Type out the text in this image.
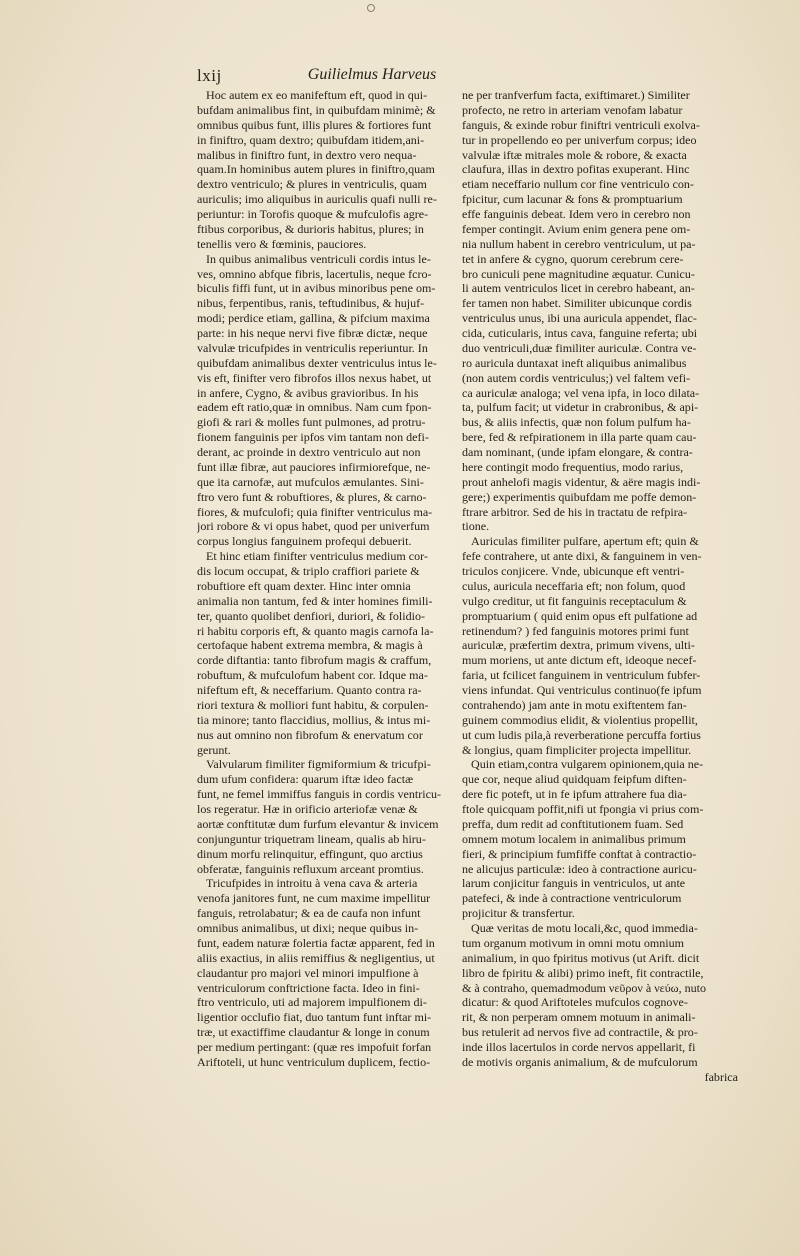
lxij	Guilielmus Harveus
Hoc autem ex eo manifeftum eft, quod in qui-
bufdam animalibus fint, in quibufdam minimè; &
omnibus quibus funt, illis plures & fortiores funt
in finiftro, quam dextro; quibufdam itidem,ani-
malibus in finiftro funt, in dextro vero nequa-
quam.In hominibus autem plures in finiftro,quam
dextro ventriculo; & plures in ventriculis, quam
auriculis; imo aliquibus in auriculis quafi nulli re-
periuntur: in Torofis quoque & mufculofis agre-
ftibus corporibus, & durioris habitus, plures; in
tenellis vero & fœminis, pauciores.
In quibus animalibus ventriculi cordis intus le-
ves, omnino abfque fibris, lacertulis, neque fcro-
biculis fiffi funt, ut in avibus minoribus pene om-
nibus, ferpentibus, ranis, teftudinibus, & hujuf-
modi; perdice etiam, gallina, & pifcium maxima
parte: in his neque nervi five fibræ dictæ, neque
valvulæ tricufpides in ventriculis reperiuntur. In
quibufdam animalibus dexter ventriculus intus le-
vis eft, finifter vero fibrofos illos nexus habet, ut
in anfere, Cygno, & avibus gravioribus. In his
eadem eft ratio,quæ in omnibus. Nam cum fpon-
giofi & rari & molles funt pulmones, ad protru-
fionem fanguinis per ipfos vim tantam non defi-
derant, ac proinde in dextro ventriculo aut non
funt illæ fibræ, aut pauciores infirmiorefque, ne-
que ita carnofæ, aut mufculos æmulantes. Sini-
ftro vero funt & robuftiores, & plures, & carno-
fiores, & mufculofi; quia finifter ventriculus ma-
jori robore & vi opus habet, quod per univerfum
corpus longius fanguinem profequi debuerit.
Et hinc etiam finifter ventriculus medium cor-
dis locum occupat, & triplo craffiori pariete &
robuftiore eft quam dexter. Hinc inter omnia
animalia non tantum, fed & inter homines fimili-
ter, quanto quolibet denfiori, duriori, & folidio-
ri habitu corporis eft, & quanto magis carnofa la-
certofaque habent extrema membra, & magis à
corde diftantia: tanto fibrofum magis & craffum,
robuftum, & mufculofum habent cor. Idque ma-
nifeftum eft, & neceffarium. Quanto contra ra-
riori textura & molliori funt habitu, & corpulen-
tia minore; tanto flaccidius, mollius, & intus mi-
nus aut omnino non fibrofum & enervatum cor
gerunt.
Valvularum fimiliter figmiformium & tricufpi-
dum ufum confidera: quarum iftæ ideo factæ
funt, ne femel immiffus fanguis in cordis ventricu-
los regeratur. Hæ in orificio arteriofæ venæ &
aortæ conftitutæ dum furfum elevantur & invicem
conjunguntur triquetram lineam, qualis ab hiru-
dinum morfu relinquitur, effingunt, quo arctius
obferatæ, fanguinis refluxum arceant promtius.
Tricufpides in introitu à vena cava & arteria
venofa janitores funt, ne cum maxime impellitur
fanguis, retrolabatur; & ea de caufa non infunt
omnibus animalibus, ut dixi; neque quibus in-
funt, eadem naturæ folertia factæ apparent, fed in
aliis exactius, in aliis remiffius & negligentius, ut
claudantur pro majori vel minori impulfione à
ventriculorum conftrictione facta. Ideo in fini-
ftro ventriculo, uti ad majorem impulfionem di-
ligentior occlufio fiat, duo tantum funt inftar mi-
træ, ut exactiffime claudantur & longe in conum
per medium pertingant: (quæ res impofuit forfan
Ariftoteli, ut hunc ventriculum duplicem, fectio-
ne per tranfverfum facta, exiftimaret.) Similiter
profecto, ne retro in arteriam venofam labatur
fanguis, & exinde robur finiftri ventriculi exolva-
tur in propellendo eo per univerfum corpus; ideo
valvulæ iftæ mitrales mole & robore, & exacta
claufura, illas in dextro pofitas exuperant. Hinc
etiam neceffario nullum cor fine ventriculo con-
fpicitur, cum lacunar & fons & promptuarium
effe fanguinis debeat. Idem vero in cerebro non
femper contingit. Avium enim genera pene om-
nia nullum habent in cerebro ventriculum, ut pa-
tet in anfere & cygno, quorum cerebrum cere-
bro cuniculi pene magnitudine æquatur. Cunicu-
li autem ventriculos licet in cerebro habeant, an-
fer tamen non habet. Similiter ubicunque cordis
ventriculus unus, ibi una auricula appendet, flac-
cida, cuticularis, intus cava, fanguine referta; ubi
duo ventriculi,duæ fimiliter auriculæ. Contra ve-
ro auricula duntaxat ineft aliquibus animalibus
(non autem cordis ventriculus;) vel faltem vefi-
ca auriculæ analoga; vel vena ipfa, in loco dilata-
ta, pulfum facit; ut videtur in crabronibus, & api-
bus, & aliis infectis, quæ non folum pulfum ha-
bere, fed & refpirationem in illa parte quam cau-
dam nominant, (unde ipfam elongare, & contra-
here contingit modo frequentius, modo rarius,
prout anhelofi magis videntur, & aëre magis indi-
gere;) experimentis quibufdam me poffe demon-
ftrare arbitror. Sed de his in tractatu de refpira-
tione.
Auriculas fimiliter pulfare, apertum eft; quin &
fefe contrahere, ut ante dixi, & fanguinem in ven-
triculos conjicere. Vnde, ubicunque eft ventri-
culus, auricula neceffaria eft; non folum, quod
vulgo creditur, ut fit fanguinis receptaculum &
promptuarium ( quid enim opus eft pulfatione ad
retinendum? ) fed fanguinis motores primi funt
auriculæ, præfertim dextra, primum vivens, ulti-
mum moriens, ut ante dictum eft, ideoque necef-
faria, ut fcilicet fanguinem in ventriculum fubfer-
viens infundat. Qui ventriculus continuo(fe ipfum
contrahendo) jam ante in motu exiftentem fan-
guinem commodius elidit, & violentius propellit,
ut cum ludis pila,à reverberatione percuffa fortius
& longius, quam fimpliciter projecta impellitur.
Quin etiam,contra vulgarem opinionem,quia ne-
que cor, neque aliud quidquam feipfum diften-
dere fic poteft, ut in fe ipfum attrahere fua dia-
ftole quicquam poffit,nifi ut fpongia vi prius com-
preffa, dum redit ad conftitutionem fuam. Sed
omnem motum localem in animalibus primum
fieri, & principium fumfiffe conftat à contractio-
ne alicujus particulæ: ideo à contractione auricu-
larum conjicitur fanguis in ventriculos, ut ante
patefeci, & inde à contractione ventriculorum
projicitur & transfertur.
Quæ veritas de motu locali,&c, quod immedia-
tum organum motivum in omni motu omnium
animalium, in quo fpiritus motivus (ut Arift. dicit
libro de fpiritu & alibi) primo ineft, fit contractile,
& à contraho, quemadmodum νεῦρον à νεύω, nuto
dicatur: & quod Ariftoteles mufculos cognove-
rit, & non perperam omnem motuum in animali-
bus retulerit ad nervos five ad contractile, & pro-
inde illos lacertulos in corde nervos appellarit, fi
de motivis organis animalium, & de mufculorum
fabrica
